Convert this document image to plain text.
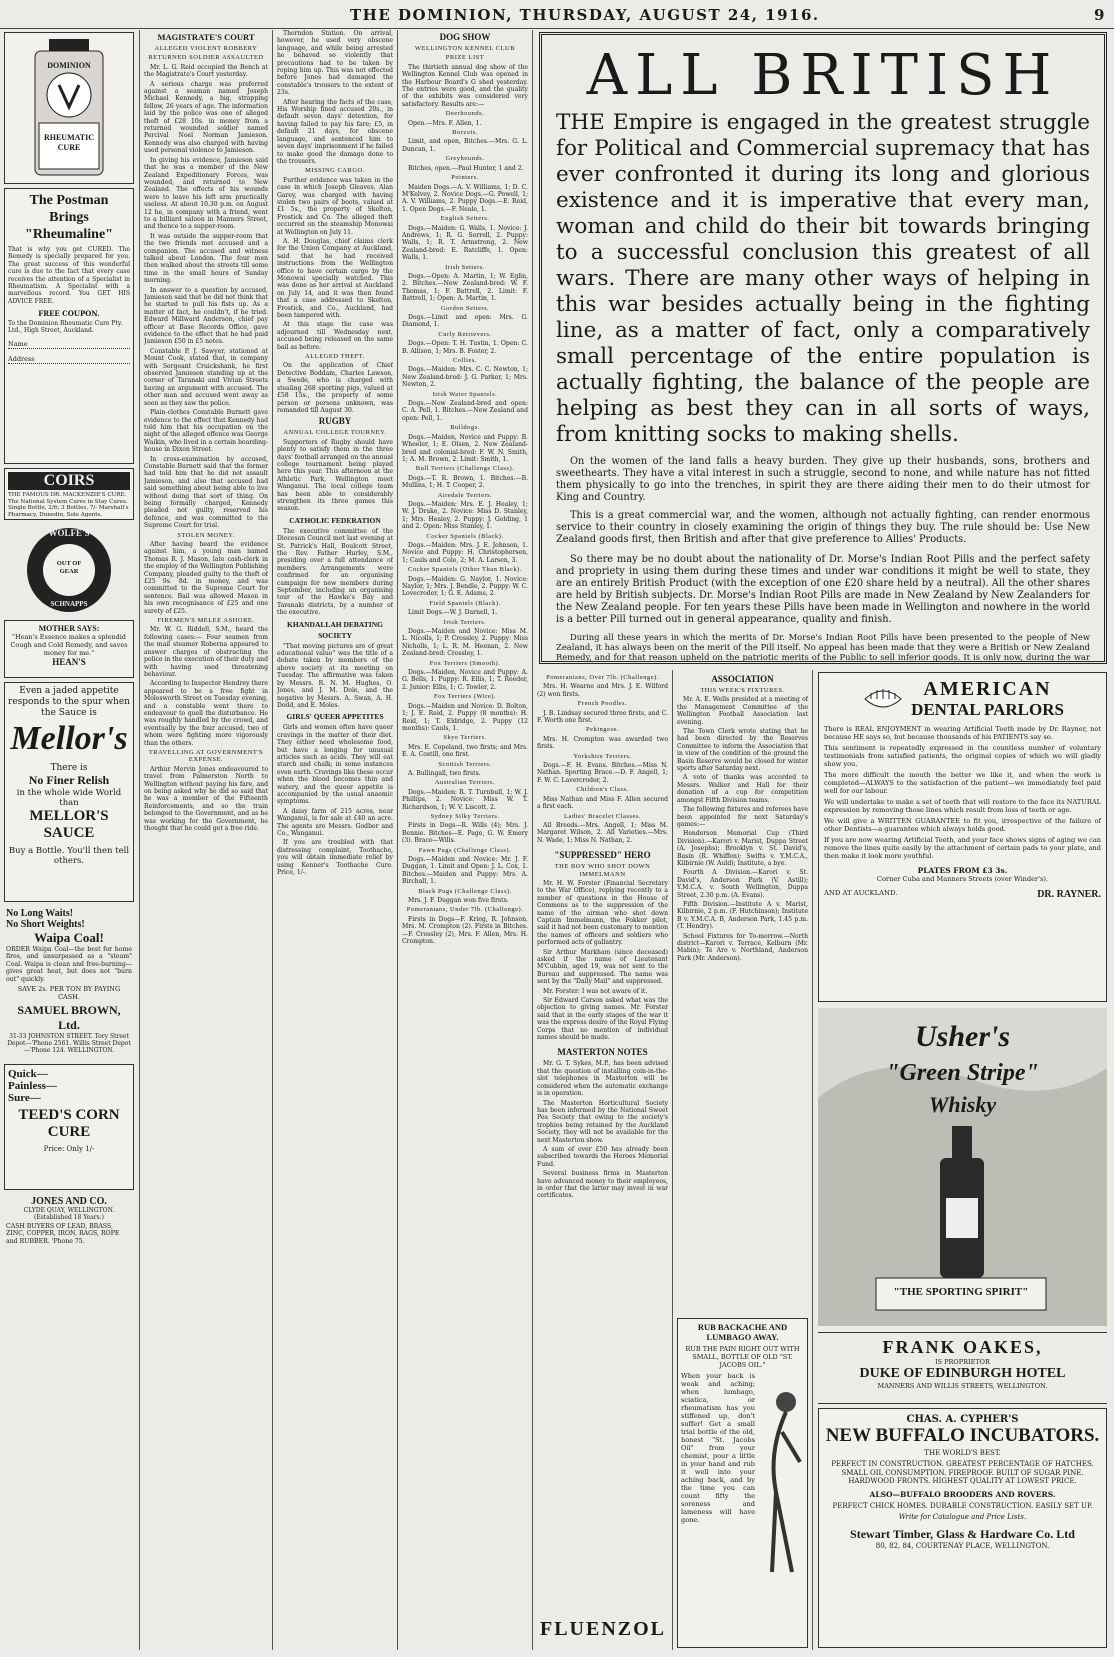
THE DOMINION, THURSDAY, AUGUST 24, 1916.	9
DOMINION
RHEUMATIC CURE
The Postman Brings "Rheumaline"
That is why you get CURED. The Remedy is specially prepared for you. The great success of this wonderful cure is due to the fact that every case receives the attention of a Specialist in Rheumatism. A Specialist with a marvellous record. You GET HIS ADVICE FREE.
FREE COUPON.
To the Dominion Rheumatic Cure Pty. Ltd., High Street, Auckland.
Name
Address
COIRS
THE FAMOUS DR. MACKENZIE'S CURE. The National System Cures in Stay Cures. Single Bottle, 2/6; 3 Bottles, 7/- Marshall's Pharmacy, Dunedin, Sole Agents.
WOLFE'S
OUT OF GEAR
SCHNAPPS
MOTHER SAYS:
"Hean's Essence makes a splendid Cough and Cold Remedy, and saves money for me."
HEAN'S
Even a jaded appetite responds to the spur when the Sauce is
Mellor's
There is
No Finer Relish
in the whole wide World than
MELLOR'S SAUCE
Buy a Bottle. You'll then tell others.
No Long Waits!
No Short Weights!
Waipa Coal!
ORDER Waipa Coal—the best for home fires, and unsurpassed as a "steam" Coal. Waipa is clean and free-burning—gives great heat, but does not "burn out" quickly.
SAVE 2s. PER TON BY PAYING CASH.
SAMUEL BROWN, Ltd.
31-33 JOHNSTON STREET. Tory Street Depot—'Phone 2561. Willis Street Depot—'Phone 124. WELLINGTON.
Quick—
Painless—
Sure—
TEED'S CORN CURE
Price: Only 1/-
JONES AND CO.
CLYDE QUAY, WELLINGTON. (Established 18 Years.)
CASH BUYERS OF LEAD, BRASS, ZINC, COPPER, IRON, RAGS, ROPE and RUBBER. 'Phone 75.
MAGISTRATE'S COURT
ALLEGED VIOLENT ROBBERY
RETURNED SOLDIER ASSAULTED

Mr. L. G. Reid occupied the Bench at the Magistrate's Court yesterday.

A serious charge was preferred against a seaman named Joseph Michael Kennedy, a big, strapping fellow, 26 years of age. The information laid by the police was one of alleged theft of £28 10s. in money from a returned wounded soldier named Percival Noel Norman Jamieson. Kennedy was also charged with having used personal violence to Jamieson.

In giving his evidence, Jamieson said that he was a member of the New Zealand Expeditionary Forces, was wounded, and returned to New Zealand. The effects of his wounds were to leave his left arm practically useless. At about 10.30 p.m. on August 12 he, in company with a friend, went to a billiard saloon in Manners Street, and thence to a supper-room.

It was outside the supper-room that the two friends met accused and a companion. The accused and witness talked about London. The four men then walked about the streets till some time in the small hours of Sunday morning.

In answer to a question by accused, Jamieson said that he did not think that he started to pull his fists up. As a matter of fact, he couldn't, if he tried. Edward Millward Anderson, chief pay officer at Base Records Office, gave evidence to the effect that he had paid Jamieson £50 in £5 notes.

Constable P. J. Sawyer, stationed at Mount Cook, stated that, in company with Sergeant Cruickshank, he first observed Jamieson standing up at the corner of Taranaki and Vivian Streets having an argument with accused. The other man and accused went away as soon as they saw the police.

Plain-clothes Constable Burnett gave evidence to the effect that Kennedy had told him that his occupation on the night of the alleged offence was George Waikin, who lived in a certain boarding-house in Dixon Street.

In cross-examination by accused, Constable Burnett said that the former had told him that he did not assault Jamieson, and also that accused had said something about being able to live without doing that sort of thing. On being formally charged, Kennedy pleaded not guilty, reserved his defence, and was committed to the Supreme Court for trial.

STOLEN MONEY.

After having heard the evidence against him, a young man named Thomas R. J. Mason, late cash-clerk in the employ of the Wellington Publishing Company, pleaded guilty to the theft of £25 9s. 8d. in money, and was committed to the Supreme Court for sentence. Bail was allowed Mason in his own recognisance of £25 and one surety of £25.

FIREMEN'S MELEE ASHORE.

Mr. W. G. Riddell, S.M., heard the following cases:— Four seamen from the mail steamer Roberna appeared to answer charges of obstructing the police in the execution of their duty and with having used threatening behaviour.

According to Inspector Hendrey there appeared to be a free fight in Molesworth Street on Tuesday evening, and a constable went there to endeavour to quell the disturbance. He was roughly handled by the crowd, and eventually by the four accused, two of whom were fighting more vigorously than the others.

TRAVELLING AT GOVERNMENT'S EXPENSE.

Arthur Mervin Jones endeavoured to travel from Palmerston North to Wellington without paying his fare, and on being asked why he did so said that he was a member of the Fifteenth Reinforcements, and so the train belonged to the Government, and as he was working for the Government, he thought that he could get a free ride.

Thorndon Station. On arrival, however, he used very obscene language, and while being arrested he behaved so violently that precautions had to be taken by roping him up. This was not effected before Jones had damaged the constable's trousers to the extent of 23s.

After hearing the facts of the case, His Worship fined accused 20s., in default seven days' detention, for having failed to pay his fare; £5, in default 21 days, for obscene language, and sentenced him to seven days' imprisonment if he failed to make good the damage done to the trousers.

MISSING CARGO.

Further evidence was taken in the case in which Joseph Gleaves, Alan Garey, was charged with having stolen two pairs of boots, valued at £1 5s., the property of Skelton, Frostick and Co. The alleged theft occurred on the steamship Monowai at Wellington on July 11.

A. H. Douglas, chief claims clerk for the Union Company at Auckland, said that he had received instructions from the Wellington office to have certain cargo by the Monowai specially watched. This was done as her arrival at Auckland on July 14, and it was then found that a case addressed to Skelton, Frostick, and Co., Auckland, had been tampered with.

At this stage the case was adjourned till Wednesday next, accused being released on the same bail as before.

ALLEGED THEFT.

On the application of Chief Detective Boddam, Charles Lawson, a Swede, who is charged with stealing 268 sporting pigs, valued at £58 15s., the property of some person or persons unknown, was remanded till August 30.

RUGBY
ANNUAL COLLEGE TOURNEY.

Supporters of Rugby should have plenty to satisfy them in the three days' football arranged on the annual college tournament being played here this year. This afternoon at the Athletic Park, Wellington meet Wanganui. The local college team has been able to considerably strengthen its three games this season.

CATHOLIC FEDERATION

The executive committee of the Diocesan Council met last evening at St. Patrick's Hall, Boulcott Street, the Rev. Father Hurley, S.M., presiding over a full attendance of members. Arrangements were confirmed for an organising campaign for new members during September, including an organising tour of the Hawke's Bay and Taranaki districts, by a number of the executive.

KHANDALLAH DEBATING SOCIETY

"That moving pictures are of great educational value" was the title of a debate taken by members of the above society at its meeting on Tuesday. The affirmative was taken by Messrs. R. N. M. Hughes, O. Jones, and J. M. Dole, and the negative by Messrs. A. Swan, A. H. Dodd, and E. Moles.

GIRLS' QUEER APPETITES

Girls and women often have queer cravings in the matter of their diet. They either need wholesome food, but have a longing for unusual articles such as acids. They will eat starch and chalk; in some instances even earth. Cravings like these occur when the blood becomes thin and watery, and the queer appetite is accompanied by the usual anaemic symptoms.

A daisy farm of 215 acres, near Wanganui, is for sale at £40 an acre. The agents are Messrs. Godber and Co., Wanganui.

If you are troubled with that distressing complaint, Toothache, you will obtain immediate relief by using Kenner's Toothache Cure. Price, 1/-.

DOG SHOW
WELLINGTON KENNEL CLUB
PRIZE LIST

The thirtieth annual dog show of the Wellington Kennel Club was opened in the Harbour Board's G shed yesterday. The entries were good, and the quality of the exhibits was considered very satisfactory. Results are:—

Deerhounds.

Open.—Mrs. F. Allen, 1.

Borzois.

Limit, and open, Bitches.—Mrs. G. L. Duncan, 1.

Greyhounds.

Bitches, open.—Paul Hunter, 1 and 2.

Pointers.

Maiden Dogs.—A. V. Williams, 1; D. C. M'Kelvey, 2. Novice Dogs.—G. Powell, 1; A. V. Williams, 2. Puppy Dogs.—E. Reid, 1. Open Dogs.—F. Neale, 1.

English Setters.

Dogs.—Maiden: G. Walls, 1. Novice: J. Andrews, 1; R. G. Sorrell, 2. Puppy: Walls, 1; R. T. Armstrong, 2. New Zealand-bred: E. Ratcliffe, 1. Open: Walls, 1.

Irish Setters.

Dogs.—Open: A. Martin, 1; W. Eglin, 2. Bitches.—New Zealand-bred: W. F. Thomas, 1; F. Battrell, 2. Limit: F. Battrell, 1; Open: A. Martin, 1.

Gordon Setters.

Dogs.—Limit and open: Mrs. G. Diamond, 1.

Curly Retrievers.

Dogs.—Open: T. H. Tustin, 1. Open: C. B. Allison, 1; Mrs. B. Foster, 2.

Collies.

Dogs.—Maiden: Mrs. C. C. Newton, 1; New Zealand-bred: J. G. Parker, 1; Mrs. Newton, 2.

Irish Water Spaniels.

Dogs.—New Zealand-bred and open: C. A. Pell, 1. Bitches.—New Zealand and open: Pell, 1.

Bulldogs.

Dogs.—Maiden, Novice and Puppy: B. Wheeler, 1; E. Olsen, 2. New Zealand-bred and colonial-bred: F. W. N. Smith, 1; A. M. Brown, 2. Limit: Smith, 1.

Bull Terriers (Challenge Class).

Dogs.—T. R. Brown, 1. Bitches.—B. Mullins, 1; H. T. Cooper, 2.

Airedale Terriers.

Dogs.—Maiden: Mrs. E. J. Healey, 1; W. J. Drake, 2. Novice: Miss D. Stanley, 1; Mrs. Healey, 2. Puppy: J. Golding, 1 and 2. Open: Miss Stanley, 1.

Cocker Spaniels (Black).

Dogs.—Maiden: Mrs. J. E. Johnson, 1. Novice and Puppy: H. Christophersen, 1; Cauls and Cole, 2; M. A. Larsen, 3.

Cocker Spaniels (Other Than Black).

Dogs.—Maiden: G. Naylor, 1. Novice: Naylor, 1; Mrs. J. Bendle, 2. Puppy: W. C. Lovecroder, 1; G. E. Adams, 2.

Field Spaniels (Black).

Limit Dogs.—W. J. Darnell, 1.

Irish Terriers.

Dogs.—Maiden and Novice: Miss M. L. Nicolls, 1; P. Crossley, 2. Puppy: Miss Nicholls, 1; L. R. M. Heenan, 2. New Zealand-bred: Crossley, 1.

Fox Terriers (Smooth).

Dogs.—Maiden, Novice and Puppy: A. G. Bells, 1. Puppy: R. Ellis, 1; T. Reeder, 2. Junior: Ellis, 1; C. Towler, 2.

Fox Terriers (Wire).

Dogs.—Maiden and Novice: D. Bolton, 1; J. E. Reid, 2. Puppy (8 months): H. Reid, 1; T. Eldridge, 2. Puppy (12 months): Cauls, 1.

Skye Terriers.

Mrs. E. Copeland, two firsts; and Mrs. E. A. Costill, one first.

Scottish Terriers.

A. Bullingall, two firsts.

Australian Terriers.

Dogs.—Maiden: R. T. Turnbull, 1; W. J. Phillips, 2. Novice: Miss W. T. Richardson, 1; W. V. Liscott, 2.

Sydney Silky Terriers.

Firsts in Dogs—R. Wills (4); Mrs. J. Bennie. Bitches—E. Page, G. W. Emery (3). Brace—Wills.

Fawn Pugs (Challenge Class).

Dogs.—Maiden and Novice: Mr. J. F. Duggan, 1. Limit and Open: J. L. Cox, 1. Bitches.—Maiden and Puppy: Mrs. A. Birchall, 1.

Black Pugs (Challenge Class).

Mrs. J. F. Duggan won five firsts.

Pomeranians, Under 7lb. (Challenge).

Firsts in Dogs—F. Krieg, R. Johnson, Mrs. M. Crompton (2). Firsts in Bitches.—F. Crossley (2), Mrs. F. Allen, Mrs. H. Crompton.

ALL BRITISH
THE Empire is engaged in the greatest struggle for Political and Commercial supremacy that has ever confronted it during its long and glorious existence and it is imperative that every man, woman and child do their bit towards bringing to a successful conclusion this greatest of all wars. There are many other ways of helping in this war besides actually being in the fighting line, as a matter of fact, only a comparatively small percentage of the entire population is actually fighting, the balance of the people are helping as best they can in all sorts of ways, from knitting socks to making shells.
On the women of the land falls a heavy burden. They give up their husbands, sons, brothers and sweethearts. They have a vital interest in such a struggle, second to none, and while nature has not fitted them physically to go into the trenches, in spirit they are there aiding their men to do their utmost for King and Country.
This is a great commercial war, and the women, although not actually fighting, can render enormous service to their country in closely examining the origin of things they buy. The rule should be: Use New Zealand goods first, then British and after that give preference to Allies' Products.
So there may be no doubt about the nationality of Dr. Morse's Indian Root Pills and the perfect safety and propriety in using them during these times and under war conditions it might be well to state, they are an entirely British Product (with the exception of one £20 share held by a neutral). All the other shares are held by British subjects. Dr. Morse's Indian Root Pills are made in New Zealand by New Zealanders for the New Zealand people. For ten years these Pills have been made in Wellington and nowhere in the world is a better Pill turned out in general appearance, quality and finish.
During all these years in which the merits of Dr. Morse's Indian Root Pills have been presented to the people of New Zealand, it has always been on the merit of the Pill itself. No appeal has been made that they were a British or New Zealand Remedy, and for that reason upheld on the patriotic merits of the Public to sell inferior goods. It is only now, during the war
Pomeranians, Over 7lb. (Challenge).

Mrs. H. Wearne and Mrs. J. E. Wilford (2) won firsts.

French Poodles.

J. B. Lindsay secured three firsts, and C. F. Worth one first.

Pekingese.

Mrs. H. Crompton was awarded two firsts.

Yorkshire Terriers.

Dogs.—F. H. Evans. Bitches.—Miss N. Nathan. Sporting Brace.—D. F. Angell, 1; F. W. C. Lavercroder, 2.

Children's Class.

Miss Nathan and Miss F. Allen secured a first each.

Ladies' Bracelet Classes.

All Breeds.—Mrs. Angell, 1; Miss M. Margaret Wilson, 2. All Varieties.—Mrs. N. Wade, 1; Miss N. Nathan, 2.

"SUPPRESSED" HERO
THE BOY WHO SHOT DOWN IMMELMANN

Mr. H. W. Forster (Financial Secretary to the War Office), replying recently to a number of questions in the House of Commons as to the suppression of the name of the airman who shot down Captain Immelmann, the Fokker pilot, said it had not been customary to mention the names of officers and soldiers who performed acts of gallantry.

Sir Arthur Markham (since deceased) asked if the name of Lieutenant M'Cubbin, aged 19, was not sent to the Bureau and suppressed. The name was sent by the "Daily Mail" and suppressed.

Mr. Forster: I was not aware of it.

Sir Edward Carson asked what was the objection to giving names. Mr. Forster said that in the early stages of the war it was the express desire of the Royal Flying Corps that no mention of individual names should be made.

MASTERTON NOTES

Mr. G. T. Sykes, M.P., has been advised that the question of installing coin-in-the-slot telephones in Masterton will be considered when the automatic exchange is in operation.

The Masterton Horticultural Society has been informed by the National Sweet Pea Society that owing to the society's trophies being retained by the Auckland Society, they will not be available for the next Masterton show.

A sum of over £50 has already been subscribed towards the Heroes Memorial Fund.

Several business firms in Masterton have advanced money to their employees, in order that the latter may invest in war certificates.

FLUENZOL
ASSOCIATION
THIS WEEK'S FIXTURES.

Mr. A. E. Wells presided at a meeting of the Management Committee of the Wellington Football Association last evening.

The Town Clerk wrote stating that he had been directed by the Reserves Committee to inform the Association that in view of the condition of the ground the Basin Reserve would be closed for winter sports after Saturday next.

A vote of thanks was accorded to Messrs. Walker and Hall for their donation of a cup for competition amongst Fifth Division teams.

The following fixtures and referees have been appointed for next Saturday's games:—

Henderson Memorial Cup (Third Division).—Karori v. Marist, Duppa Street (A. Josephs); Brooklyn v. St. David's, Basin (R. Whiffen); Swifts v. Y.M.C.A., Kilbirnie (W. Auld); Institute, a bye.

Fourth A Division.—Karori v. St. David's, Anderson Park (V. Astill); Y.M.C.A. v. South Wellington, Duppa Street, 2.30 p.m. (A. Evans).

Fifth Division.—Institute A v. Marist, Kilbirnie, 2 p.m. (F. Hutchinson); Institute B v. Y.M.C.A. B, Anderson Park, 1.45 p.m. (T. Hendry).

School Fixtures for To-morrow.—North district—Karori v. Terrace, Kelburn (Mr. Mabin); Te Aro v. Northland, Anderson Park (Mr. Anderson).

RUB BACKACHE AND LUMBAGO AWAY.
RUB THE PAIN RIGHT OUT WITH SMALL, BOTTLE OF OLD "ST. JACOBS OIL."
When your back is weak and aching; when lumbago, sciatica, or rheumatism has you stiffened up, don't suffer! Get a small trial bottle of the old, honest "St. Jacobs Oil" from your chemist, pour a little in your hand and rub it well into your aching back, and by the time you can count fifty the soreness and lameness will have gone.
AMERICAN
DENTAL PARLORS
There is REAL ENJOYMENT in wearing Artificial Teeth made by Dr. Rayner, not because HE says so, but because thousands of his PATIENTS say so.
This sentiment is repeatedly expressed in the countless number of voluntary testimonials from satisfied patients, the original copies of which we will gladly show you.
The more difficult the mouth the better we like it, and when the work is completed—ALWAYS to the satisfaction of the patient—we immediately feel paid well for our labour.
We will undertake to make a set of teeth that will restore to the face its NATURAL expression by removing those lines which result from loss of teeth or age.
We will give a WRITTEN GUARANTEE to fit you, irrespective of the failure of other Dentists—a guarantee which always holds good.
If you are now wearing Artificial Teeth, and your face shows signs of aging we can remove the lines quite easily by the attachment of certain pads to your plate, and then make it look more youthful.
PLATES FROM £3 3s.
Corner Cuba and Manners Streets (over Winder's).
AND AT AUCKLAND.	DR. RAYNER.
Usher's
"Green Stripe"
Whisky
"THE SPORTING SPIRIT"
FRANK OAKES,
IS PROPRIETOR
DUKE OF EDINBURGH HOTEL
MANNERS AND WILLIS STREETS, WELLINGTON.
CHAS. A. CYPHER'S
NEW BUFFALO INCUBATORS.
THE WORLD'S BEST.
PERFECT IN CONSTRUCTION. GREATEST PERCENTAGE OF HATCHES. SMALL OIL CONSUMPTION. FIREPROOF. BUILT OF SUGAR PINE. HARDWOOD FRONTS. HIGHEST QUALITY AT LOWEST PRICE.
ALSO—BUFFALO BROODERS AND ROVERS.
PERFECT CHICK HOMES. DURABLE CONSTRUCTION. EASILY SET UP.
Write for Catalogue and Price Lists.
Stewart Timber, Glass & Hardware Co. Ltd
80, 82, 84, COURTENAY PLACE, WELLINGTON.
